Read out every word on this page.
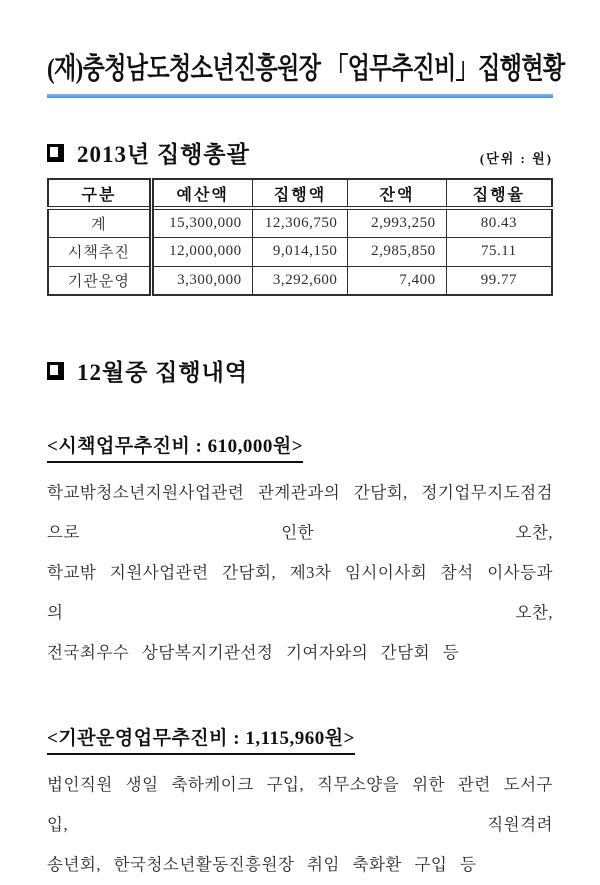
(재)충청남도청소년진흥원장 「업무추진비」집행현황
2013년 집행총괄	(단위 : 원)
구분	예산액	집행액	잔액	집행율
계	15,300,000	12,306,750	2,993,250	80.43
시책추진	12,000,000	9,014,150	2,985,850	75.11
기관운영	3,300,000	3,292,600	7,400	99.77
12월중 집행내역
<시책업무추진비 : 610,000원>
학교밖청소년지원사업관련 관계관과의 간담회, 정기업무지도점검으로 인한 오찬,
학교밖 지원사업관련 간담회, 제3차 임시이사회 참석 이사등과의 오찬,
전국최우수 상담복지기관선정 기여자와의 간담회 등
<기관운영업무추진비 : 1,115,960원>
법인직원 생일 축하케이크 구입, 직무소양을 위한 관련 도서구입, 직원격려
송년회, 한국청소년활동진흥원장 취임 축화환 구입 등
